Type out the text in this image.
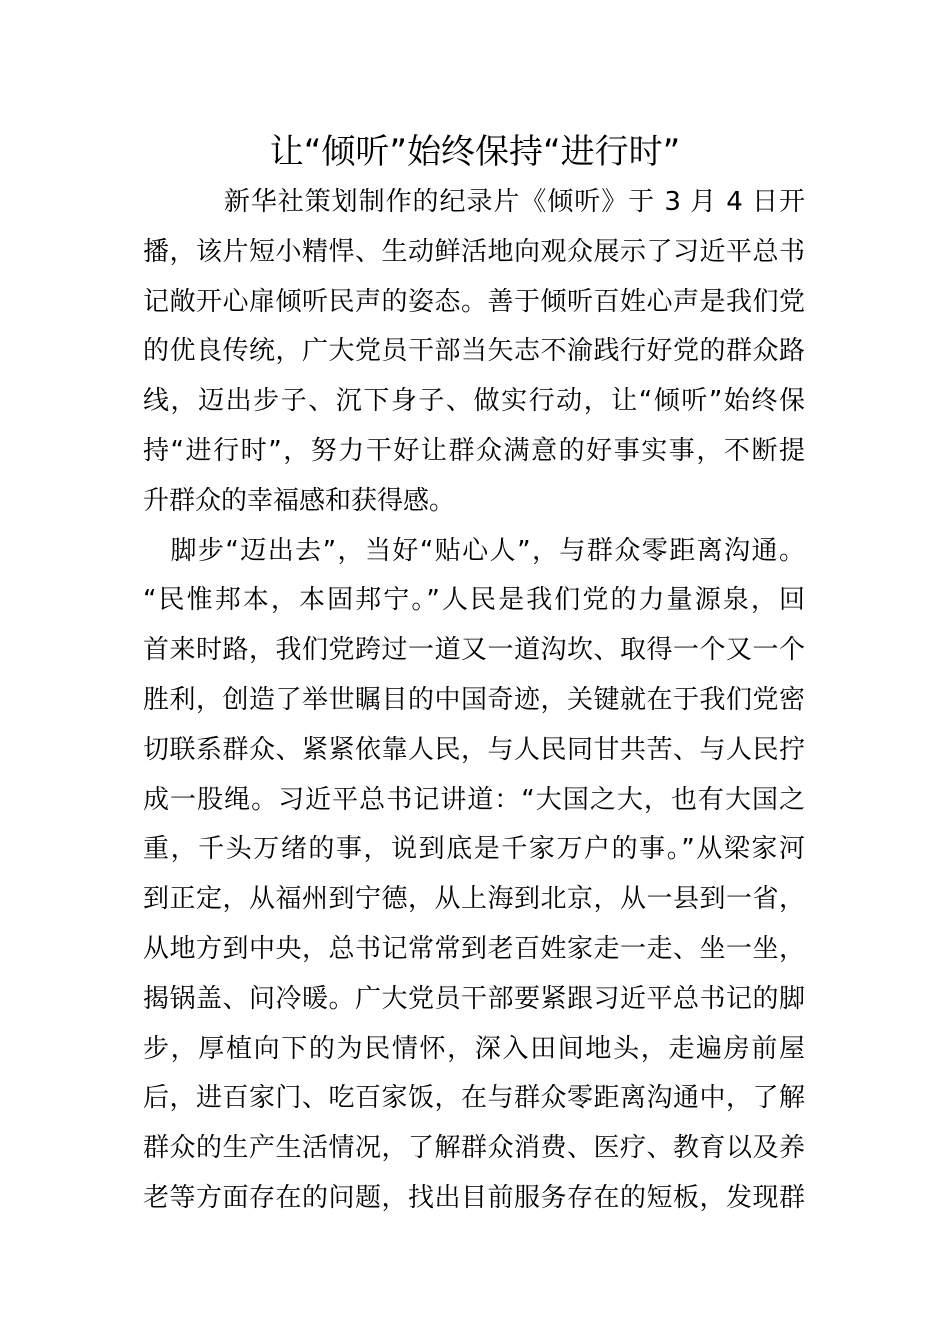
让“倾听”始终保持“进行时”
　　　新华社策划制作的纪录片《倾听》于 3 月 4 日开
播，该片短小精悍、生动鲜活地向观众展示了习近平总书
记敞开心扉倾听民声的姿态。善于倾听百姓心声是我们党
的优良传统，广大党员干部当矢志不渝践行好党的群众路
线，迈出步子、沉下身子、做实行动，让“倾听”始终保
持“进行时”，努力干好让群众满意的好事实事，不断提
升群众的幸福感和获得感。
　脚步“迈出去”，当好“贴心人”，与群众零距离沟通。
“民惟邦本，本固邦宁。”人民是我们党的力量源泉，回
首来时路，我们党跨过一道又一道沟坎、取得一个又一个
胜利，创造了举世瞩目的中国奇迹，关键就在于我们党密
切联系群众、紧紧依靠人民，与人民同甘共苦、与人民拧
成一股绳。习近平总书记讲道：“大国之大，也有大国之
重，千头万绪的事，说到底是千家万户的事。”从梁家河
到正定，从福州到宁德，从上海到北京，从一县到一省，
从地方到中央，总书记常常到老百姓家走一走、坐一坐，
揭锅盖、问冷暖。广大党员干部要紧跟习近平总书记的脚
步，厚植向下的为民情怀，深入田间地头，走遍房前屋
后，进百家门、吃百家饭，在与群众零距离沟通中，了解
群众的生产生活情况，了解群众消费、医疗、教育以及养
老等方面存在的问题，找出目前服务存在的短板，发现群
